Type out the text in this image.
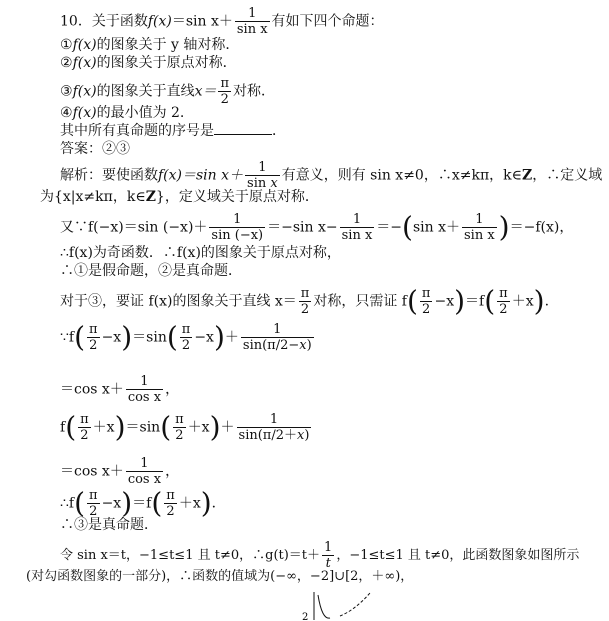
10．关于函数f(x)＝sin $x+ \frac{1}{\text{sin x}}$ 有如下四个命题：
①f(x)的图象关于 y 轴对称．
②f(x)的图象关于原点对称．
③f(x)的图象关于直线$x= \frac{\pi}{2}$ 对称．
④f(x)的最小值为 2.
其中所有真命题的序号是	．
答案：②③
解析：要使函数f(x)＝sin $x+ \frac{1}{\text{sin x}}$ 有意义，则有 sin x≠0，∴x≠kπ，k∈Z，∴定义域
为{x|x≠kπ，k∈Z}，定义域关于原点对称．
又∵f(−x)＝sin $(-x)+ \frac{1}{\sin (-x)} =-\sin$ $x- \frac{1}{\text{sin x}} =-(\sin$ $x+ \frac{1}{\text{sin x}} )=-f(x)$，
∴f(x)为奇函数．∴f(x)的图象关于原点对称，
∴①是假命题，②是真命题．
对于③，要证 f(x)的图象关于直线 $x= \frac{\pi}{2}$ 对称，只需证 $f( \frac{\pi}{2} -x)=f( \frac{\pi}{2} +x)$.
∵f( $\frac{\pi}{2} -x)=\sin( \frac{\pi}{2} -x)+ \frac{1}{\sin(\pi/2-x)}$
＝cos $x+ \frac{1}{\text{cos x}}$ ，
$f( \frac{\pi}{2} +x)=\sin( \frac{\pi}{2} +x)+ \frac{1}{\sin(\pi/2+x)}$
＝cos $x+ \frac{1}{\text{cos x}}$ ，
∴f( $\frac{\pi}{2} -x)=f( \frac{\pi}{2} +x)$．
∴③是真命题．
令 sin x＝t，−1≤t≤1 且 t≠0，∴g(t)＝t＋ $\frac{1}{t}$ ，−1≤t≤1 且 t≠0，此函数图象如图所示
(对勾函数图象的一部分)，∴函数的值域为(−∞，−2]∪[2，＋∞)，
2
